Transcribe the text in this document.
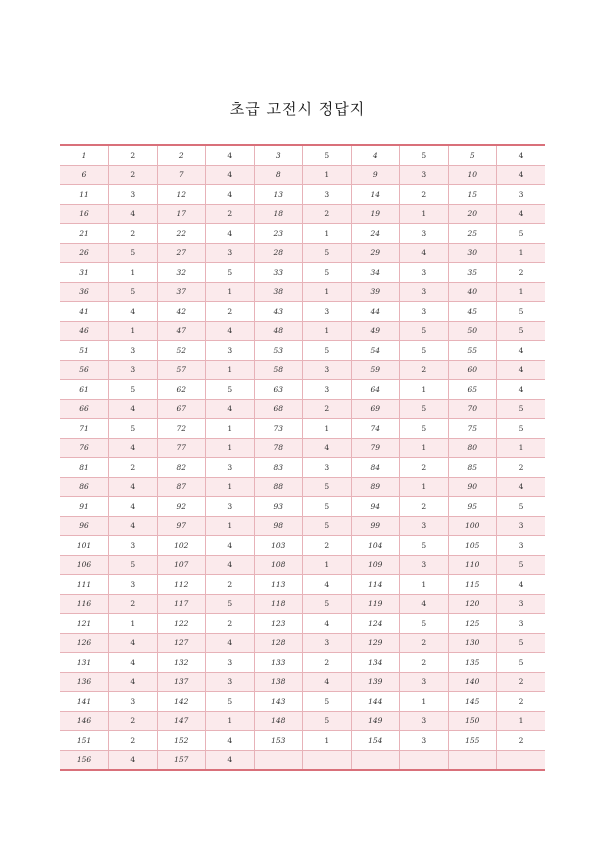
초급 고전시 정답지
1	2	2	4	3	5	4	5	5	4
6	2	7	4	8	1	9	3	10	4
11	3	12	4	13	3	14	2	15	3
16	4	17	2	18	2	19	1	20	4
21	2	22	4	23	1	24	3	25	5
26	5	27	3	28	5	29	4	30	1
31	1	32	5	33	5	34	3	35	2
36	5	37	1	38	1	39	3	40	1
41	4	42	2	43	3	44	3	45	5
46	1	47	4	48	1	49	5	50	5
51	3	52	3	53	5	54	5	55	4
56	3	57	1	58	3	59	2	60	4
61	5	62	5	63	3	64	1	65	4
66	4	67	4	68	2	69	5	70	5
71	5	72	1	73	1	74	5	75	5
76	4	77	1	78	4	79	1	80	1
81	2	82	3	83	3	84	2	85	2
86	4	87	1	88	5	89	1	90	4
91	4	92	3	93	5	94	2	95	5
96	4	97	1	98	5	99	3	100	3
101	3	102	4	103	2	104	5	105	3
106	5	107	4	108	1	109	3	110	5
111	3	112	2	113	4	114	1	115	4
116	2	117	5	118	5	119	4	120	3
121	1	122	2	123	4	124	5	125	3
126	4	127	4	128	3	129	2	130	5
131	4	132	3	133	2	134	2	135	5
136	4	137	3	138	4	139	3	140	2
141	3	142	5	143	5	144	1	145	2
146	2	147	1	148	5	149	3	150	1
151	2	152	4	153	1	154	3	155	2
156	4	157	4						
